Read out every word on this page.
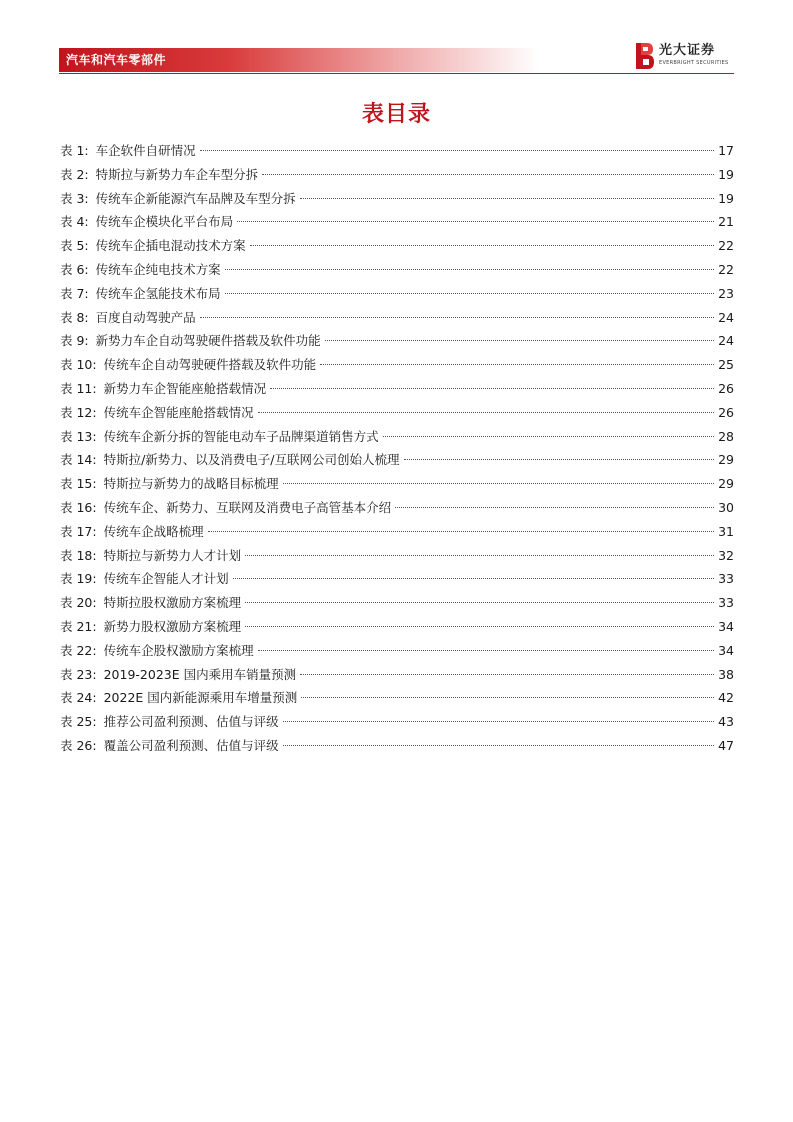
汽车和汽车零部件
光大证券
EVERBRIGHT SECURITIES
表目录
表 1: 车企软件自研情况	17
表 2: 特斯拉与新势力车企车型分拆	19
表 3: 传统车企新能源汽车品牌及车型分拆	19
表 4: 传统车企模块化平台布局	21
表 5: 传统车企插电混动技术方案	22
表 6: 传统车企纯电技术方案	22
表 7: 传统车企氢能技术布局	23
表 8: 百度自动驾驶产品	24
表 9: 新势力车企自动驾驶硬件搭载及软件功能	24
表 10: 传统车企自动驾驶硬件搭载及软件功能	25
表 11: 新势力车企智能座舱搭载情况	26
表 12: 传统车企智能座舱搭载情况	26
表 13: 传统车企新分拆的智能电动车子品牌渠道销售方式	28
表 14: 特斯拉/新势力、以及消费电子/互联网公司创始人梳理	29
表 15: 特斯拉与新势力的战略目标梳理	29
表 16: 传统车企、新势力、互联网及消费电子高管基本介绍	30
表 17: 传统车企战略梳理	31
表 18: 特斯拉与新势力人才计划	32
表 19: 传统车企智能人才计划	33
表 20: 特斯拉股权激励方案梳理	33
表 21: 新势力股权激励方案梳理	34
表 22: 传统车企股权激励方案梳理	34
表 23: 2019-2023E 国内乘用车销量预测	38
表 24: 2022E 国内新能源乘用车增量预测	42
表 25: 推荐公司盈利预测、估值与评级	43
表 26: 覆盖公司盈利预测、估值与评级	47
